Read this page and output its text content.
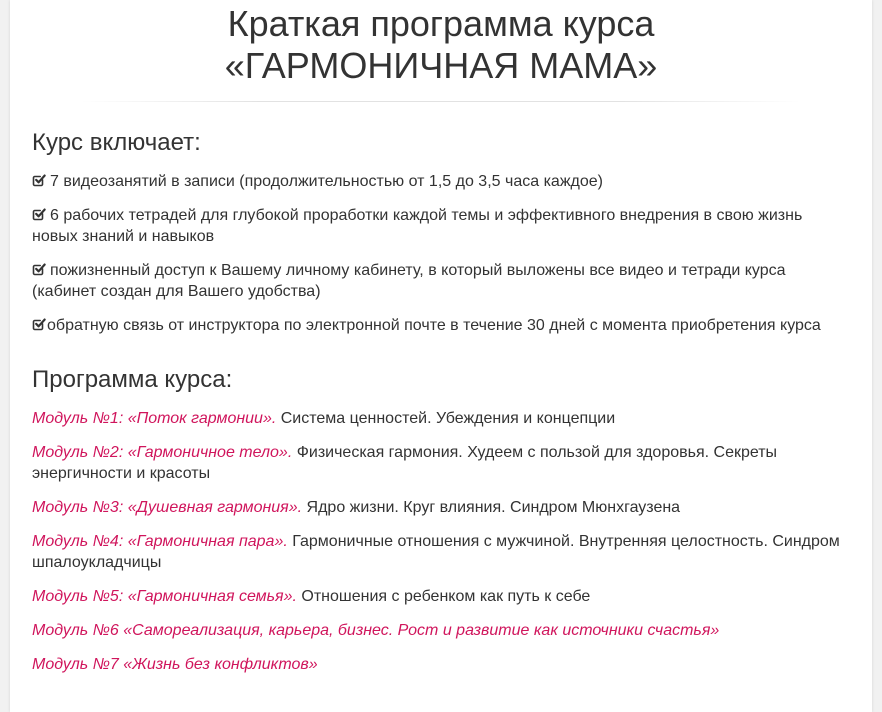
Краткая программа курса
«ГАРМОНИЧНАЯ МАМА»
Курс включает:
7 видеозанятий в записи (продолжительностью от 1,5 до 3,5 часа каждое)
6 рабочих тетрадей для глубокой проработки каждой темы и эффективного внедрения в свою жизнь новых знаний и навыков
пожизненный доступ к Вашему личному кабинету, в который выложены все видео и тетради курса (кабинет создан для Вашего удобства)
обратную связь от инструктора по электронной почте в течение 30 дней с момента приобретения курса
Программа курса:
Модуль №1: «Поток гармонии». Система ценностей. Убеждения и концепции
Модуль №2: «Гармоничное тело». Физическая гармония. Худеем с пользой для здоровья. Секреты энергичности и красоты
Модуль №3: «Душевная гармония». Ядро жизни. Круг влияния. Синдром Мюнхгаузена
Модуль №4: «Гармоничная пара». Гармоничные отношения с мужчиной. Внутренняя целостность. Синдром шпалоукладчицы
Модуль №5: «Гармоничная семья». Отношения с ребенком как путь к себе
Модуль №6 «Самореализация, карьера, бизнес. Рост и развитие как источники счастья»
Модуль №7 «Жизнь без конфликтов»
